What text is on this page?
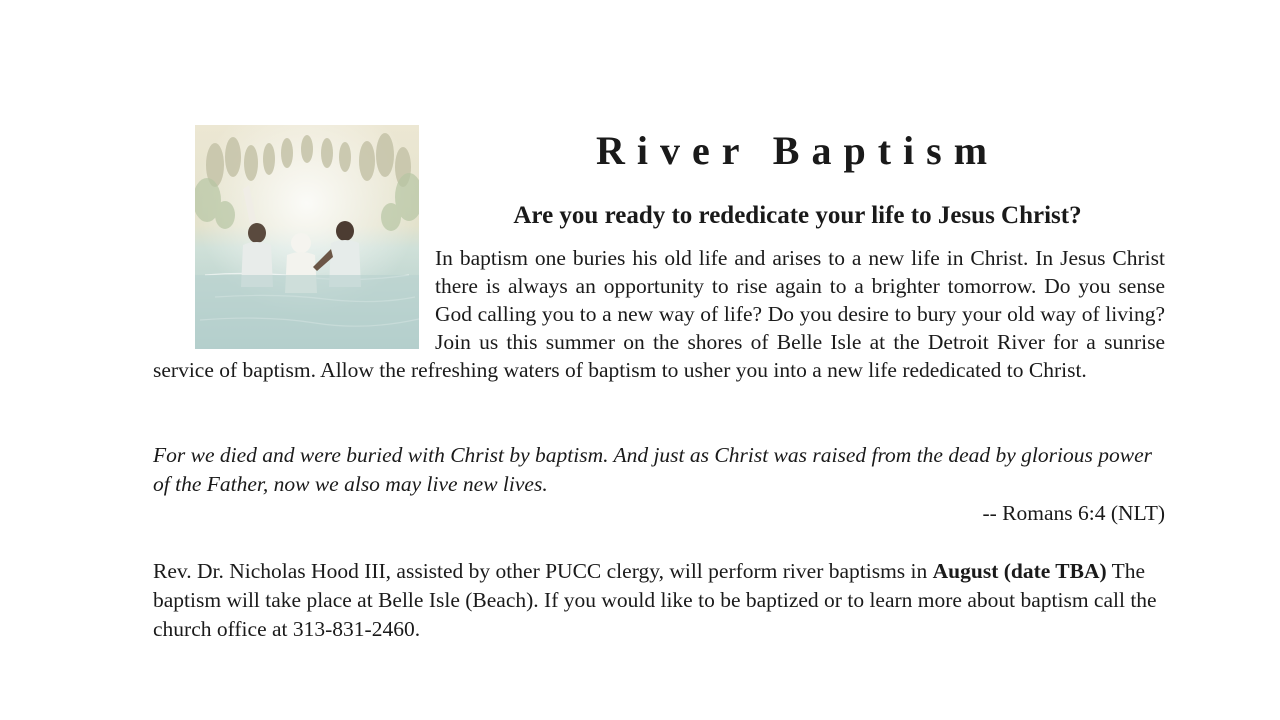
River Baptism
Are you ready to rededicate your life to Jesus Christ?

In baptism one buries his old life and arises to a new life in Christ. In Jesus Christ there is always an opportunity to rise again to a brighter tomorrow. Do you sense God calling you to a new way of life? Do you desire to bury your old way of living? Join us this summer on the shores of Belle Isle at the Detroit River for a sunrise service of baptism. Allow the refreshing waters of baptism to usher you into a new life rededicated to Christ.

For we died and were buried with Christ by baptism. And just as Christ was raised from the dead by glorious power of the Father, now we also may live new lives.

-- Romans 6:4 (NLT)

Rev. Dr. Nicholas Hood III, assisted by other PUCC clergy, will perform river baptisms in August (date TBA) The baptism will take place at Belle Isle (Beach). If you would like to be baptized or to learn more about baptism call the church office at 313-831-2460.
